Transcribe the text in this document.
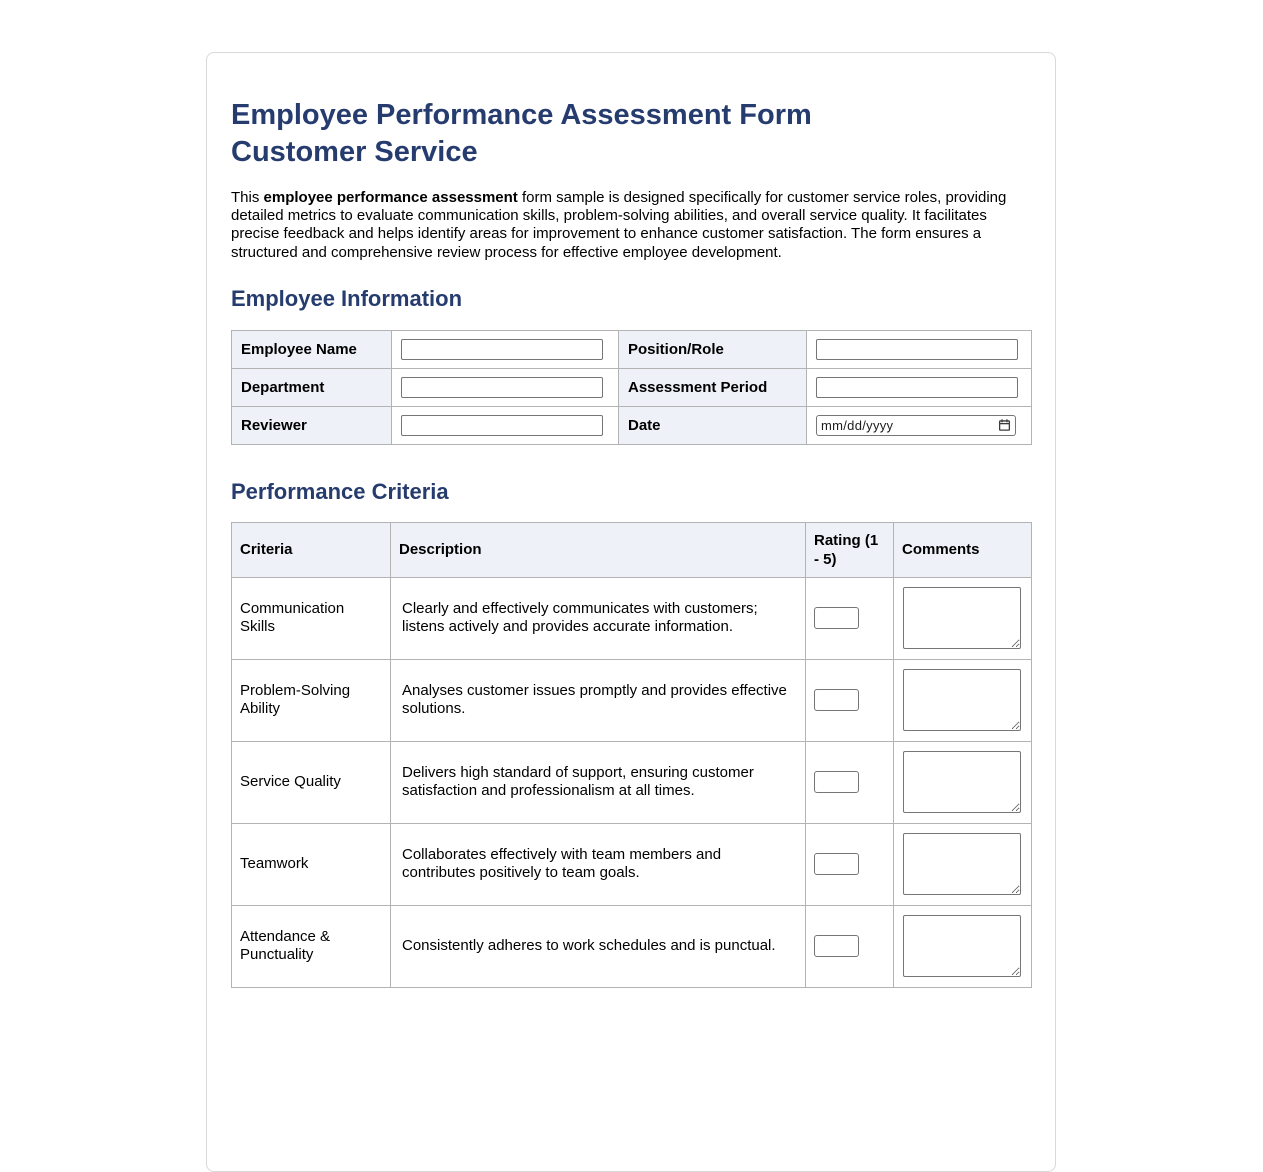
Employee Performance Assessment Form
Customer Service

This employee performance assessment form sample is designed specifically for customer service roles, providing detailed metrics to evaluate communication skills, problem-solving abilities, and overall service quality. It facilitates precise feedback and helps identify areas for improvement to enhance customer satisfaction. The form ensures a structured and comprehensive review process for effective employee development.

Employee Information
Employee Name		Position/Role	
Department		Assessment Period	
Reviewer		Date	mm/dd/yyyy
Performance Criteria
Criteria	Description	Rating (1 - 5)	Comments
Communication Skills	Clearly and effectively communicates with customers; listens actively and provides accurate information.		

Problem-Solving Ability	Analyses customer issues promptly and provides effective solutions.		

Service Quality	Delivers high standard of support, ensuring customer satisfaction and professionalism at all times.		

Teamwork	Collaborates effectively with team members and contributes positively to team goals.		

Attendance & Punctuality	Consistently adheres to work schedules and is punctual.		
